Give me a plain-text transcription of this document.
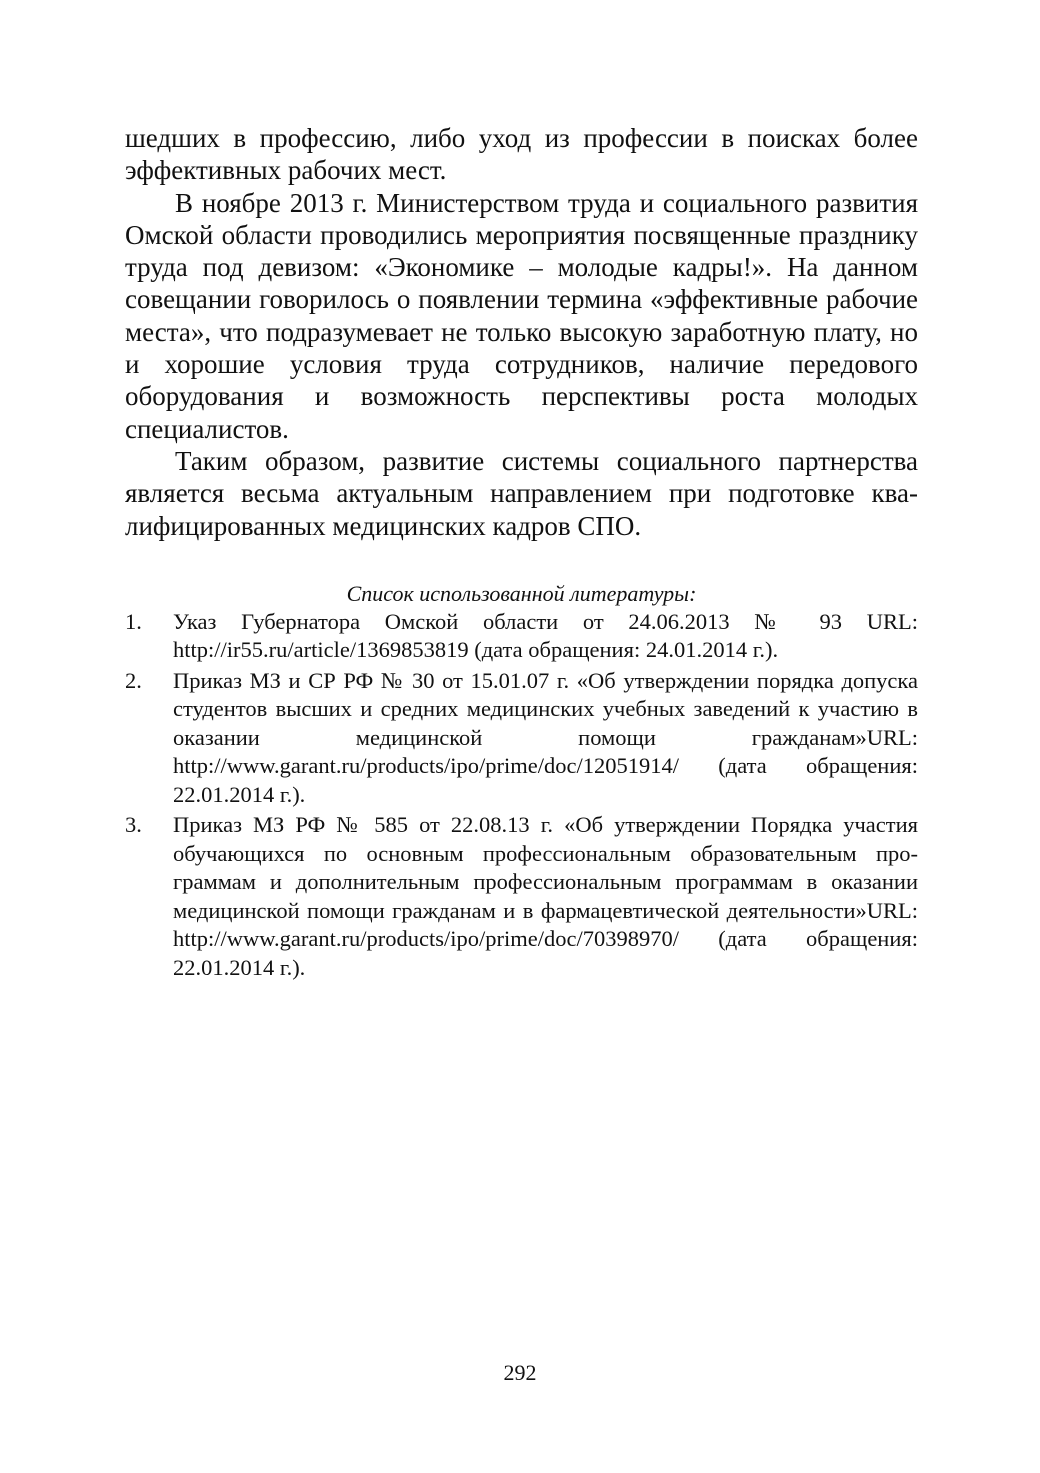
шедших в профессию, либо уход из профессии в поисках более эффективных рабочих мест.

В ноябре 2013 г. Министерством труда и социального развития Омской области проводились мероприятия посвященные празднику труда под девизом: «Экономике – молодые кадры!». На данном совещании говорилось о появлении термина «эффективные рабочие места», что подразумевает не только высокую заработную плату, но и хорошие условия труда сотрудников, наличие передового оборудования и возможность перспективы роста молодых специалистов.

Таким образом, развитие системы социального партнерства является весьма актуальным направлением при подготовке квалифицированных медицинских кадров СПО.

Список использованной литературы:
1. Указ Губернатора Омской области от 24.06.2013 № 93 URL: http://ir55.ru/article/1369853819 (дата обращения: 24.01.2014 г.).
2. Приказ МЗ и СР РФ № 30 от 15.01.07 г. «Об утверждении порядка допуска студентов высших и средних медицинских учебных заведений к участию в оказании медицинской помощи гражданам»URL: http://www.garant.ru/products/ipo/prime/doc/12051914/ (дата обращения: 22.01.2014 г.).
3. Приказ МЗ РФ № 585 от 22.08.13 г. «Об утверждении Порядка участия обучающихся по основным профессиональным образовательным программам и дополнительным профессиональным программам в оказании медицинской помощи гражданам и в фармацевтической деятельности»URL: http://www.garant.ru/products/ipo/prime/doc/70398970/ (дата обращения: 22.01.2014 г.).
292
